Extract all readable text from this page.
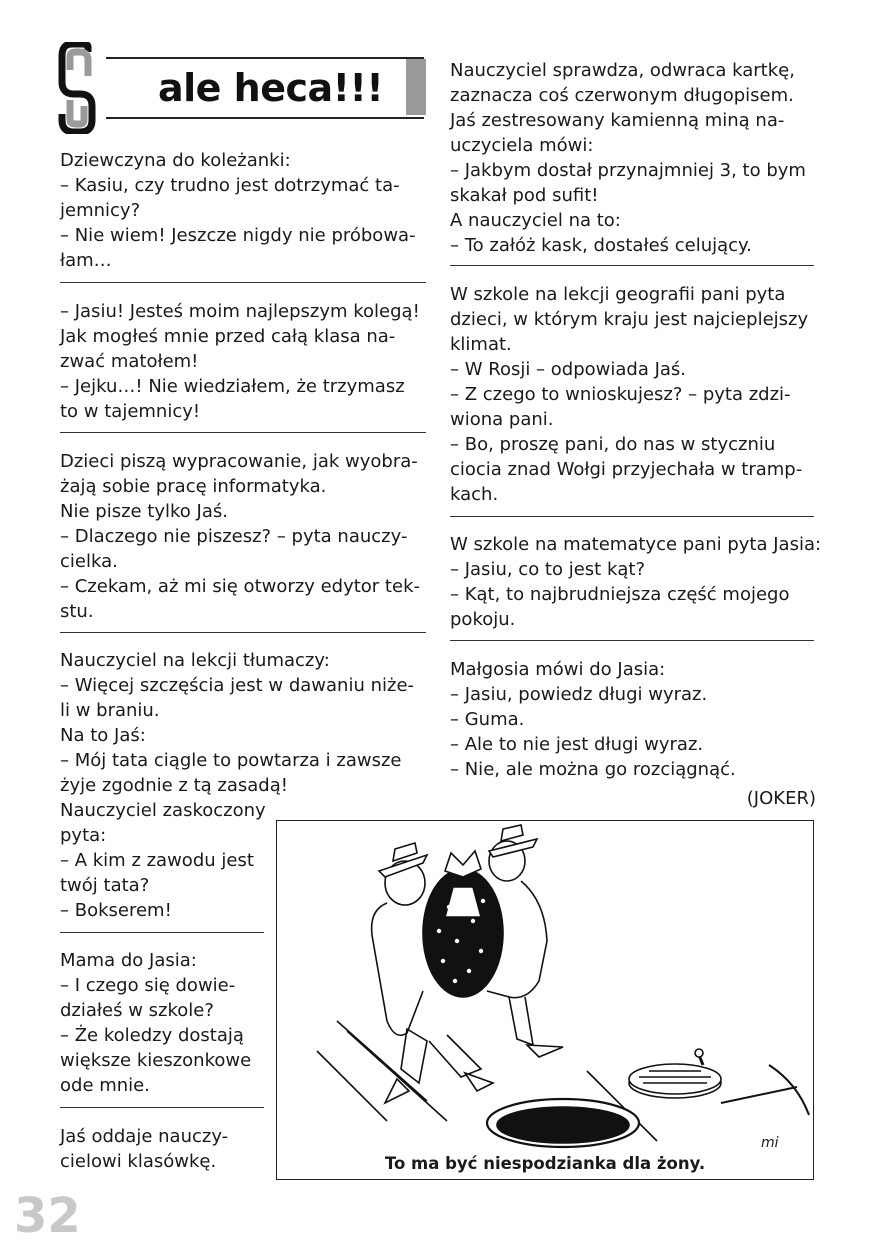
ale heca!!!

Dziewczyna do koleżanki:
– Kasiu, czy trudno jest dotrzymać ta-
jemnicy?
– Nie wiem! Jeszcze nigdy nie próbowa-
łam…

– Jasiu! Jesteś moim najlepszym kolegą!
Jak mogłeś mnie przed całą klasa na-
zwać matołem!
– Jejku…! Nie wiedziałem, że trzymasz
to w tajemnicy!

Dzieci piszą wypracowanie, jak wyobra-
żają sobie pracę informatyka.
Nie pisze tylko Jaś.
– Dlaczego nie piszesz? – pyta nauczy-
cielka.
– Czekam, aż mi się otworzy edytor tek-
stu.

Nauczyciel na lekcji tłumaczy:
– Więcej szczęścia jest w dawaniu niże-
li w braniu.
Na to Jaś:
– Mój tata ciągle to powtarza i zawsze
żyje zgodnie z tą zasadą!

Nauczyciel zaskoczony
pyta:
– A kim z zawodu jest
twój tata?
– Bokserem!

Mama do Jasia:
– I czego się dowie-
działeś w szkole?
– Że koledzy dostają
większe kieszonkowe
ode mnie.

Jaś oddaje nauczy-
cielowi klasówkę.

Nauczyciel sprawdza, odwraca kartkę,
zaznacza coś czerwonym długopisem.
Jaś zestresowany kamienną miną na-
uczyciela mówi:
– Jakbym dostał przynajmniej 3, to bym
skakał pod sufit!
A nauczyciel na to:
– To załóż kask, dostałeś celujący.

W szkole na lekcji geografii pani pyta
dzieci, w którym kraju jest najcieplejszy
klimat.
– W Rosji – odpowiada Jaś.
– Z czego to wnioskujesz? – pyta zdzi-
wiona pani.
– Bo, proszę pani, do nas w styczniu
ciocia znad Wołgi przyjechała w tramp-
kach.

W szkole na matematyce pani pyta Jasia:
– Jasiu, co to jest kąt?
– Kąt, to najbrudniejsza część mojego
pokoju.

Małgosia mówi do Jasia:
– Jasiu, powiedz długi wyraz.
– Guma.
– Ale to nie jest długi wyraz.
– Nie, ale można go rozciągnąć.

(JOKER)
mi
To ma być niespodzianka dla żony.
32
